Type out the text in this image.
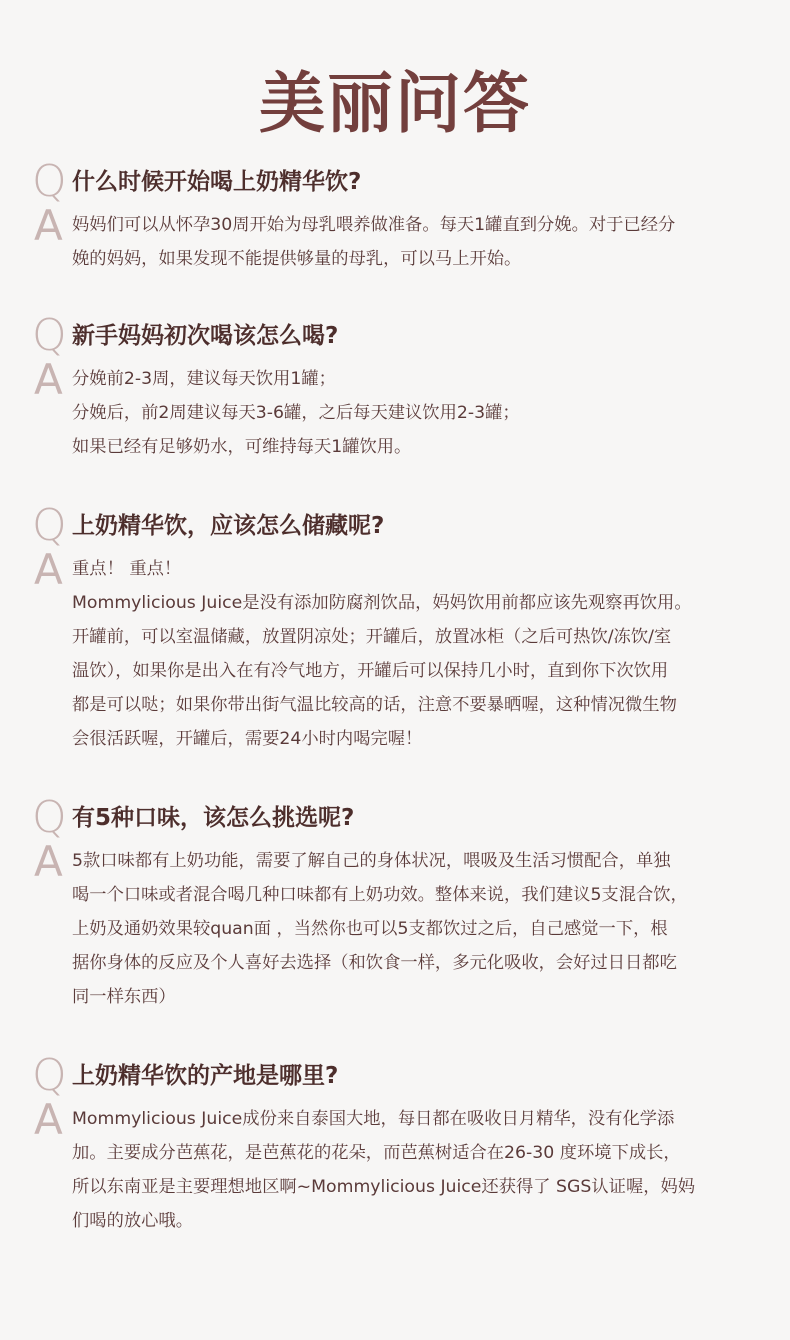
美丽问答
Q 什么时候开始喝上奶精华饮?
A 妈妈们可以从怀孕30周开始为母乳喂养做准备。每天1罐直到分娩。对于已经分
娩的妈妈，如果发现不能提供够量的母乳，可以马上开始。
Q 新手妈妈初次喝该怎么喝?
A 分娩前2-3周，建议每天饮用1罐；
分娩后，前2周建议每天3-6罐，之后每天建议饮用2-3罐；
如果已经有足够奶水，可维持每天1罐饮用。
Q 上奶精华饮，应该怎么储藏呢?
A 重点！ 重点！
Mommylicious Juice是没有添加防腐剂饮品，妈妈饮用前都应该先观察再饮用。
开罐前，可以室温储藏，放置阴凉处；开罐后，放置冰柜（之后可热饮/冻饮/室
温饮），如果你是出入在有冷气地方，开罐后可以保持几小时，直到你下次饮用
都是可以哒；如果你带出街气温比较高的话，注意不要暴晒喔，这种情况微生物
会很活跃喔，开罐后，需要24小时内喝完喔！
Q 有5种口味，该怎么挑选呢?
A 5款口味都有上奶功能，需要了解自己的身体状况，喂吸及生活习惯配合，单独
喝一个口味或者混合喝几种口味都有上奶功效。整体来说，我们建议5支混合饮，
上奶及通奶效果较quan面 ，当然你也可以5支都饮过之后，自己感觉一下，根
据你身体的反应及个人喜好去选择（和饮食一样，多元化吸收，会好过日日都吃
同一样东西）
Q 上奶精华饮的产地是哪里?
A Mommylicious Juice成份来自泰国大地，每日都在吸收日月精华，没有化学添
加。主要成分芭蕉花，是芭蕉花的花朵，而芭蕉树适合在26-30 度环境下成长，
所以东南亚是主要理想地区啊~Mommylicious Juice还获得了 SGS认证喔，妈妈
们喝的放心哦。
